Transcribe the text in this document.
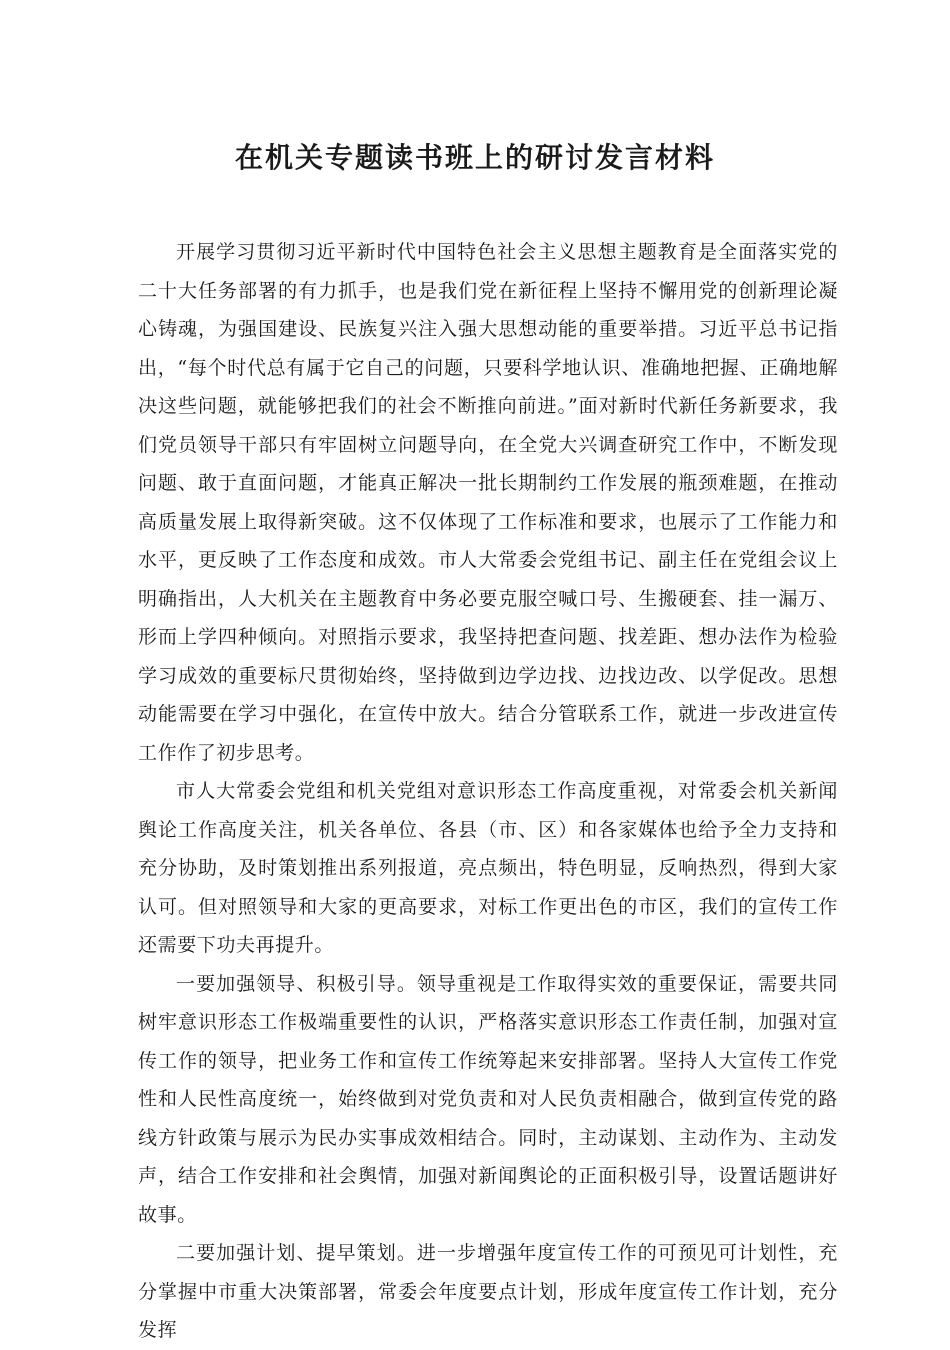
在机关专题读书班上的研讨发言材料

开展学习贯彻习近平新时代中国特色社会主义思想主题教育是全面落实党的二十大任务部署的有力抓手，也是我们党在新征程上坚持不懈用党的创新理论凝心铸魂，为强国建设、民族复兴注入强大思想动能的重要举措。习近平总书记指出，“每个时代总有属于它自己的问题，只要科学地认识、准确地把握、正确地解决这些问题，就能够把我们的社会不断推向前进。”面对新时代新任务新要求，我们党员领导干部只有牢固树立问题导向，在全党大兴调查研究工作中，不断发现问题、敢于直面问题，才能真正解决一批长期制约工作发展的瓶颈难题，在推动高质量发展上取得新突破。这不仅体现了工作标准和要求，也展示了工作能力和水平，更反映了工作态度和成效。市人大常委会党组书记、副主任在党组会议上明确指出，人大机关在主题教育中务必要克服空喊口号、生搬硬套、挂一漏万、形而上学四种倾向。对照指示要求，我坚持把查问题、找差距、想办法作为检验学习成效的重要标尺贯彻始终，坚持做到边学边找、边找边改、以学促改。思想动能需要在学习中强化，在宣传中放大。结合分管联系工作，就进一步改进宣传工作作了初步思考。

市人大常委会党组和机关党组对意识形态工作高度重视，对常委会机关新闻舆论工作高度关注，机关各单位、各县（市、区）和各家媒体也给予全力支持和充分协助，及时策划推出系列报道，亮点频出，特色明显，反响热烈，得到大家认可。但对照领导和大家的更高要求，对标工作更出色的市区，我们的宣传工作还需要下功夫再提升。

一要加强领导、积极引导。领导重视是工作取得实效的重要保证，需要共同树牢意识形态工作极端重要性的认识，严格落实意识形态工作责任制，加强对宣传工作的领导，把业务工作和宣传工作统筹起来安排部署。坚持人大宣传工作党性和人民性高度统一，始终做到对党负责和对人民负责相融合，做到宣传党的路线方针政策与展示为民办实事成效相结合。同时，主动谋划、主动作为、主动发声，结合工作安排和社会舆情，加强对新闻舆论的正面积极引导，设置话题讲好故事。

二要加强计划、提早策划。进一步增强年度宣传工作的可预见可计划性，充分掌握中市重大决策部署，常委会年度要点计划，形成年度宣传工作计划，充分发挥
